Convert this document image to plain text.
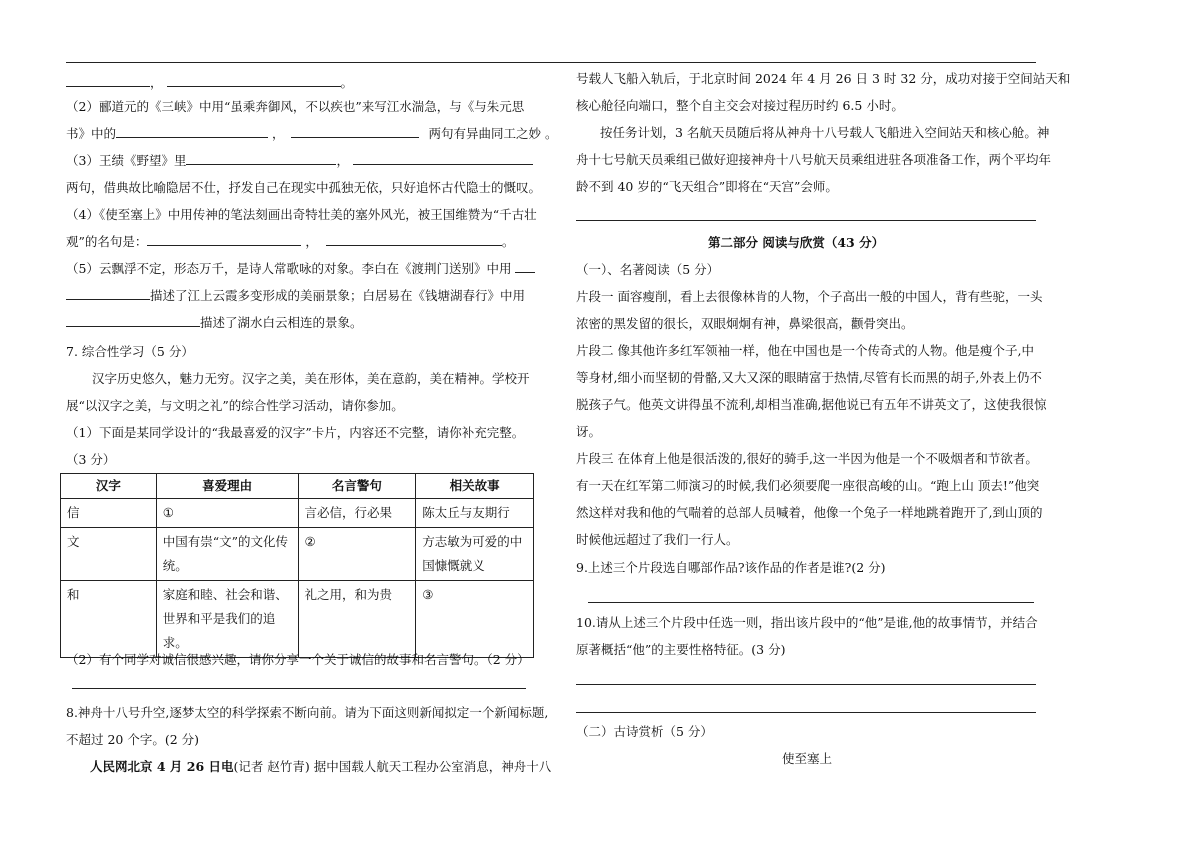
，	。
（2）郦道元的《三峡》中用“虽乘奔御风，不以疾也”来写江水湍急，与《与朱元思
书》中的	，	两句有异曲同工之妙 。
（3）王绩《野望》里	，
两句，借典故比喻隐居不仕，抒发自己在现实中孤独无依，只好追怀古代隐士的慨叹。
（4）《使至塞上》中用传神的笔法刻画出奇特壮美的塞外风光，被王国维赞为“千古壮
观”的名句是：	，	。
（5）云飘浮不定，形态万千，是诗人常歌咏的对象。李白在《渡荆门送别》中用
描述了江上云霞多变形成的美丽景象；白居易在《钱塘湖春行》中用
描述了湖水白云相连的景象。
7. 综合性学习（5 分）
汉字历史悠久，魅力无穷。汉字之美，美在形体，美在意韵，美在精神。学校开
展“以汉字之美，与文明之礼”的综合性学习活动，请你参加。
（1）下面是某同学设计的“我最喜爱的汉字”卡片，内容还不完整，请你补充完整。
（3 分）
汉字	喜爱理由	名言警句	相关故事
信	①	言必信，行必果	陈太丘与友期行
文	中国有崇“文”的文化传统。	②	方志敏为可爱的中国慷慨就义
和	家庭和睦、社会和谐、世界和平是我们的追求。	礼之用，和为贵	③
（2）有个同学对诚信很感兴趣，请你分享一个关于诚信的故事和名言警句。（2 分）
8.神舟十八号升空,逐梦太空的科学探索不断向前。请为下面这则新闻拟定一个新闻标题,
不超过 20 个字。(2 分)
人民网北京 4 月 26 日电(记者 赵竹青) 据中国载人航天工程办公室消息，神舟十八
号载人飞船入轨后，于北京时间 2024 年 4 月 26 日 3 时 32 分，成功对接于空间站天和
核心舱径向端口，整个自主交会对接过程历时约 6.5 小时。
按任务计划，3 名航天员随后将从神舟十八号载人飞船进入空间站天和核心舱。神
舟十七号航天员乘组已做好迎接神舟十八号航天员乘组进驻各项准备工作，两个平均年
龄不到 40 岁的“飞天组合”即将在“天宫”会师。
第二部分 阅读与欣赏（43 分）
（一）、名著阅读（5 分）
片段一 面容瘦削，看上去很像林肯的人物，个子高出一般的中国人，背有些驼，一头
浓密的黑发留的很长，双眼炯炯有神，鼻梁很高，颧骨突出。
片段二 像其他许多红军领袖一样，他在中国也是一个传奇式的人物。他是瘦个子,中
等身材,细小而坚韧的骨骼,又大又深的眼睛富于热情,尽管有长而黑的胡子,外表上仍不
脱孩子气。他英文讲得虽不流利,却相当准确,据他说已有五年不讲英文了，这使我很惊
讶。
片段三 在体育上他是很活泼的,很好的骑手,这一半因为他是一个不吸烟者和节欲者。
有一天在红军第二师演习的时候,我们必须要爬一座很高峻的山。“跑上山 顶去!”他突
然这样对我和他的气喘着的总部人员喊着，他像一个兔子一样地跳着跑开了,到山顶的
时候他远超过了我们一行人。
9.上述三个片段选自哪部作品?该作品的作者是谁?(2 分)
10.请从上述三个片段中任选一则，指出该片段中的“他”是谁,他的故事情节，并结合
原著概括“他”的主要性格特征。(3 分)
（二）古诗赏析（5 分）
使至塞上
